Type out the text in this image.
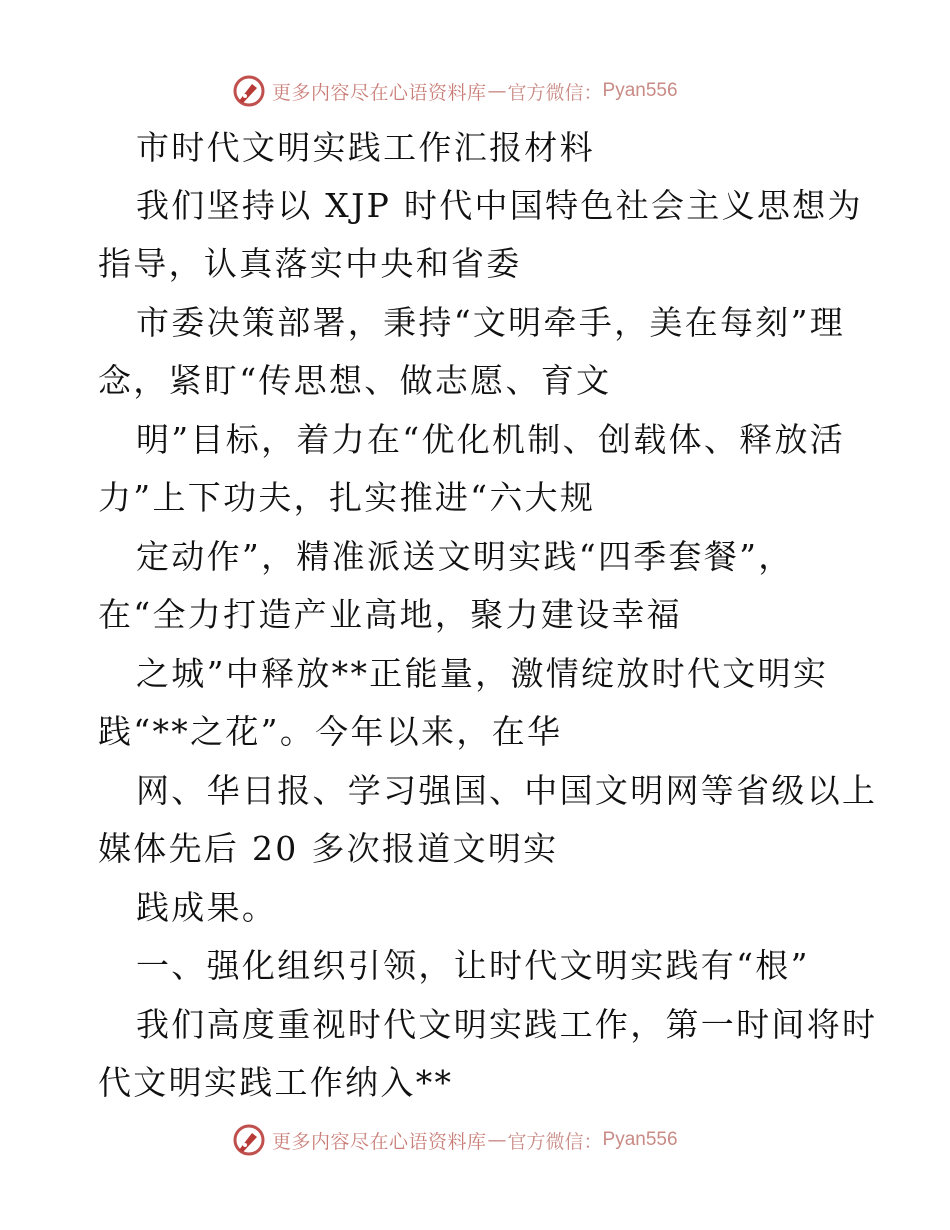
更多内容尽在心语资料库 — 官方微信： Pyan556
市时代文明实践工作汇报材料
我们坚持以 XJP 时代中国特色社会主义思想为
指导，认真落实中央和省委
市委决策部署，秉持“文明牵手，美在每刻”理
念，紧盯“传思想、做志愿、育文
明”目标，着力在“优化机制、创载体、释放活
力”上下功夫，扎实推进“六大规
定动作”，精准派送文明实践“四季套餐”，
在“全力打造产业高地，聚力建设幸福
之城”中释放**正能量，激情绽放时代文明实
践“**之花”。今年以来，在华
网、华日报、学习强国、中国文明网等省级以上
媒体先后 20 多次报道文明实
践成果。
一、强化组织引领，让时代文明实践有“根”
我们高度重视时代文明实践工作，第一时间将时
代文明实践工作纳入**
更多内容尽在心语资料库 — 官方微信： Pyan556
